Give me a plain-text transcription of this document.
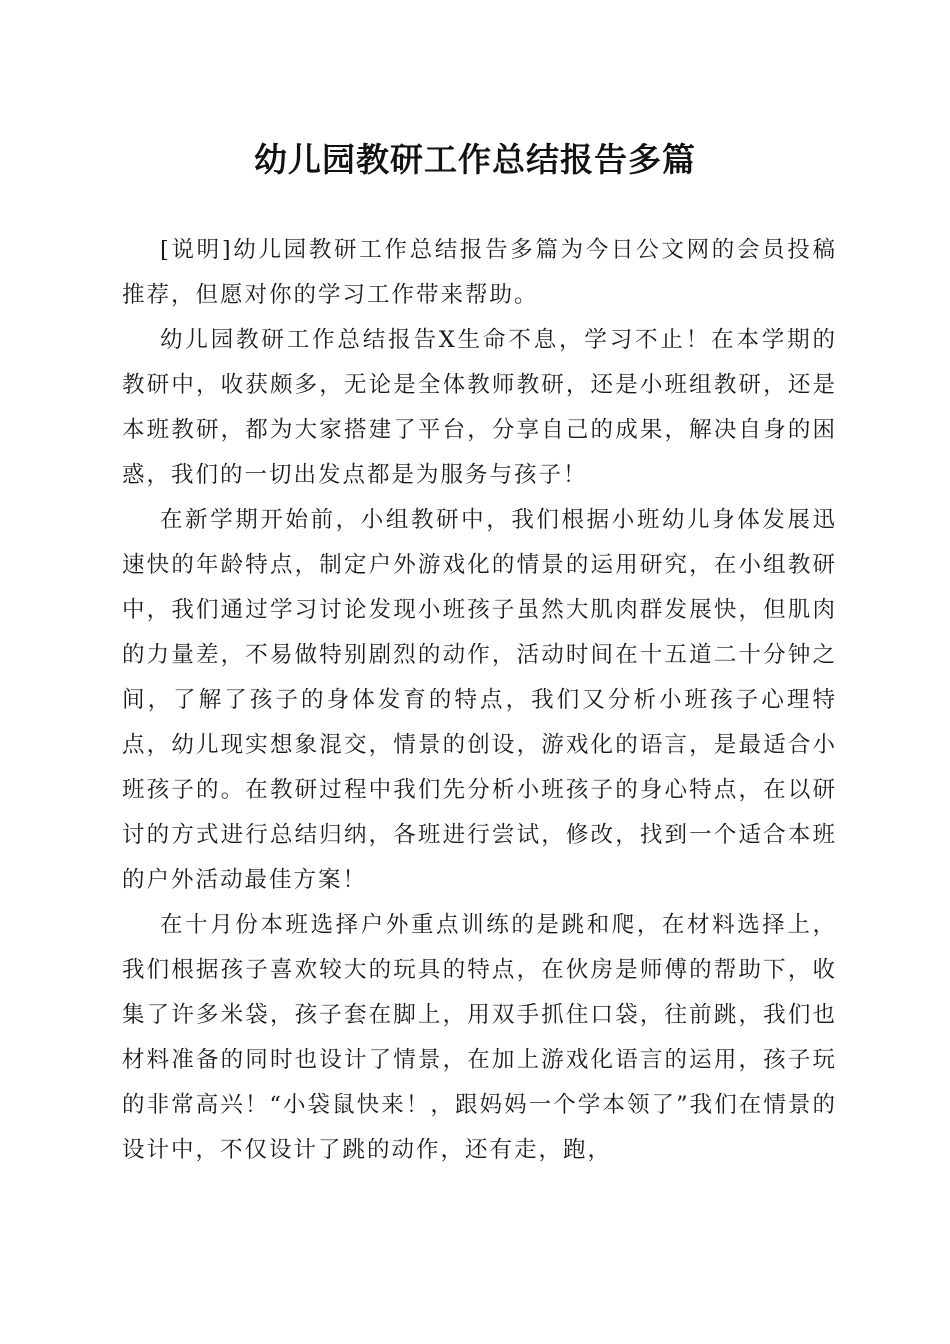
幼儿园教研工作总结报告多篇

[说明]幼儿园教研工作总结报告多篇为今日公文网的会员投稿推荐，但愿对你的学习工作带来帮助。

幼儿园教研工作总结报告X生命不息，学习不止！在本学期的教研中，收获颇多，无论是全体教师教研，还是小班组教研，还是本班教研，都为大家搭建了平台，分享自己的成果，解决自身的困惑，我们的一切出发点都是为服务与孩子！

在新学期开始前，小组教研中，我们根据小班幼儿身体发展迅速快的年龄特点，制定户外游戏化的情景的运用研究，在小组教研中，我们通过学习讨论发现小班孩子虽然大肌肉群发展快，但肌肉的力量差，不易做特别剧烈的动作，活动时间在十五道二十分钟之间，了解了孩子的身体发育的特点，我们又分析小班孩子心理特点，幼儿现实想象混交，情景的创设，游戏化的语言，是最适合小班孩子的。在教研过程中我们先分析小班孩子的身心特点，在以研讨的方式进行总结归纳，各班进行尝试，修改，找到一个适合本班的户外活动最佳方案！

在十月份本班选择户外重点训练的是跳和爬，在材料选择上，我们根据孩子喜欢较大的玩具的特点，在伙房是师傅的帮助下，收集了许多米袋，孩子套在脚上，用双手抓住口袋，往前跳，我们也材料准备的同时也设计了情景，在加上游戏化语言的运用，孩子玩的非常高兴！“小袋鼠快来！，跟妈妈一个学本领了”我们在情景的设计中，不仅设计了跳的动作，还有走，跑，
